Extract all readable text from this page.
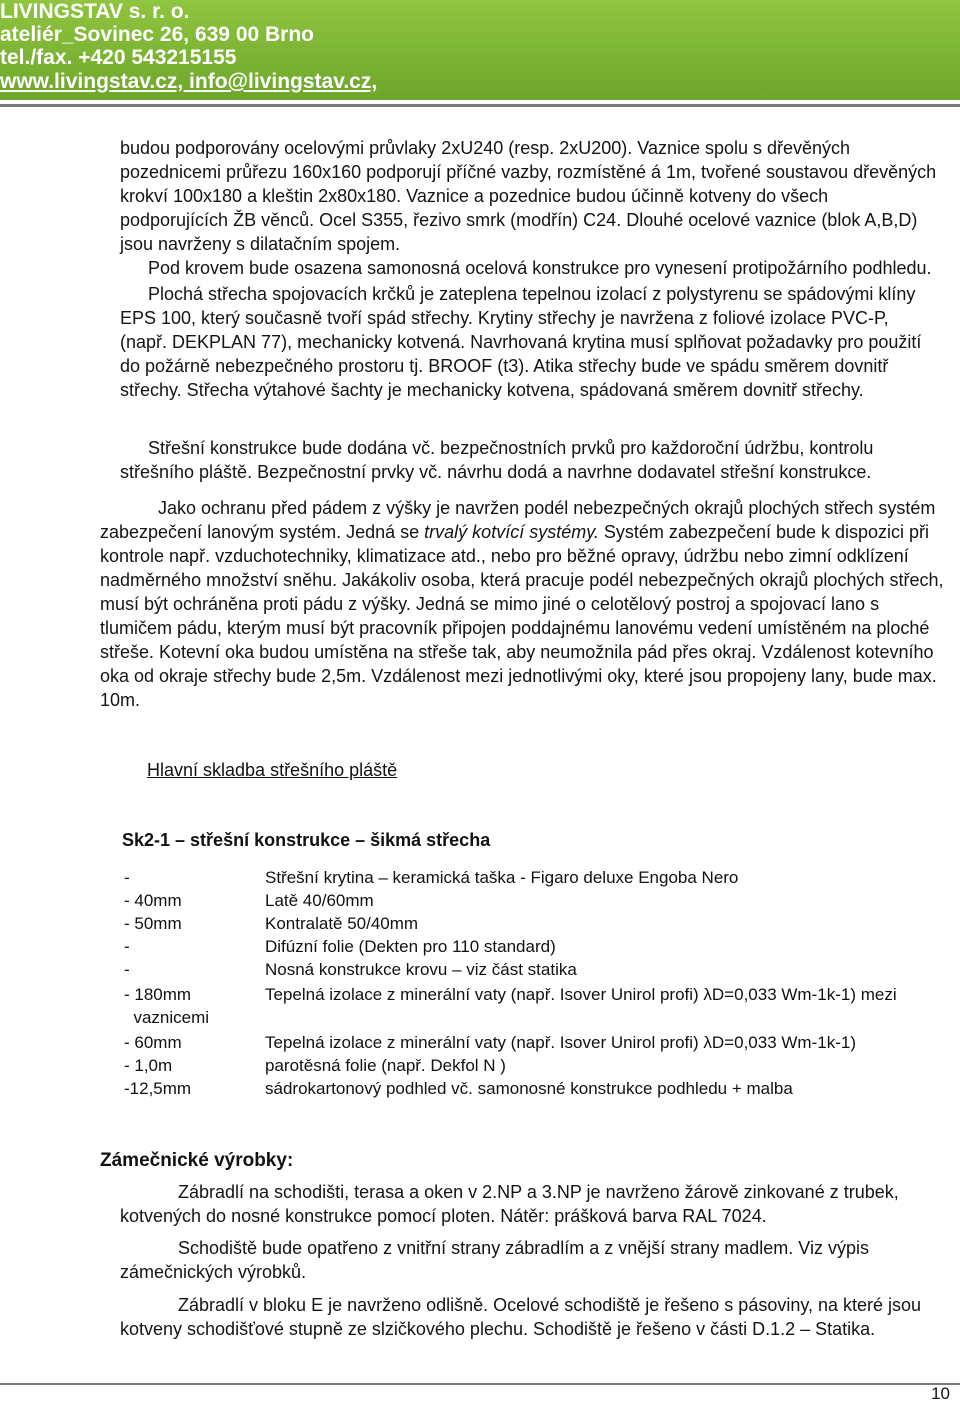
LIVINGSTAV s. r. o.
ateliér_Sovinec 26, 639 00 Brno
tel./fax. +420 543215155
www.livingstav.cz, info@livingstav.cz,

budou podporovány ocelovými průvlaky 2xU240 (resp. 2xU200). Vaznice spolu s dřevěných pozednicemi průřezu 160x160 podporují příčné vazby, rozmístěné á 1m, tvořené soustavou dřevěných krokví 100x180 a kleštin 2x80x180. Vaznice a pozednice budou účinně kotveny do všech podporujících ŽB věnců. Ocel S355, řezivo smrk (modřín) C24. Dlouhé ocelové vaznice (blok A,B,D) jsou navrženy s dilatačním spojem.

Pod krovem bude osazena samonosná ocelová konstrukce pro vynesení protipožárního podhledu.

Plochá střecha spojovacích krčků je zateplena tepelnou izolací z polystyrenu se spádovými klíny EPS 100, který současně tvoří spád střechy. Krytiny střechy je navržena z foliové izolace PVC-P, (např. DEKPLAN 77), mechanicky kotvená. Navrhovaná krytina musí splňovat požadavky pro použití do požárně nebezpečného prostoru tj. BROOF (t3). Atika střechy bude ve spádu směrem dovnitř střechy. Střecha výtahové šachty je mechanicky kotvena, spádovaná směrem dovnitř střechy.

Střešní konstrukce bude dodána vč. bezpečnostních prvků pro každoroční údržbu, kontrolu střešního pláště. Bezpečnostní prvky vč. návrhu dodá a navrhne dodavatel střešní konstrukce.

Jako ochranu před pádem z výšky je navržen podél nebezpečných okrajů plochých střech systém zabezpečení lanovým systém. Jedná se trvalý kotvící systémy. Systém zabezpečení bude k dispozici při kontrole např. vzduchotechniky, klimatizace atd., nebo pro běžné opravy, údržbu nebo zimní odklízení nadměrného množství sněhu. Jakákoliv osoba, která pracuje podél nebezpečných okrajů plochých střech, musí být ochráněna proti pádu z výšky. Jedná se mimo jiné o celotělový postroj a spojovací lano s tlumičem pádu, kterým musí být pracovník připojen poddajnému lanovému vedení umístěném na ploché střeše. Kotevní oka budou umístěna na střeše tak, aby neumožnila pád přes okraj. Vzdálenost kotevního oka od okraje střechy bude 2,5m. Vzdálenost mezi jednotlivými oky, které jsou propojeny lany, bude max. 10m.

Hlavní skladba střešního pláště
Sk2-1 – střešní konstrukce – šikmá střecha
-	Střešní krytina – keramická taška - Figaro deluxe Engoba Nero
- 40mm	Latě 40/60mm
- 50mm	Kontralatě 50/40mm
-	Difúzní folie (Dekten pro 110 standard)
-	Nosná konstrukce krovu – viz část statika
- 180mm	Tepelná izolace z minerální vaty (např. Isover Unirol profi) λD=0,033 Wm-1k-1) mezi
vaznicemi
- 60mm	Tepelná izolace z minerální vaty (např. Isover Unirol profi) λD=0,033 Wm-1k-1)
- 1,0m	parotěsná folie (např. Dekfol N )
-12,5mm	sádrokartonový podhled vč. samonosné konstrukce podhledu + malba
Zámečnické výrobky:

Zábradlí na schodišti, terasa a oken v 2.NP a 3.NP je navrženo žárově zinkované z trubek, kotvených do nosné konstrukce pomocí ploten. Nátěr: prášková barva RAL 7024.

Schodiště bude opatřeno z vnitřní strany zábradlím a z vnější strany madlem. Viz výpis zámečnických výrobků.

Zábradlí v bloku E je navrženo odlišně. Ocelové schodiště je řešeno s pásoviny, na které jsou kotveny schodišťové stupně ze slzičkového plechu. Schodiště je řešeno v části D.1.2 – Statika.

10
